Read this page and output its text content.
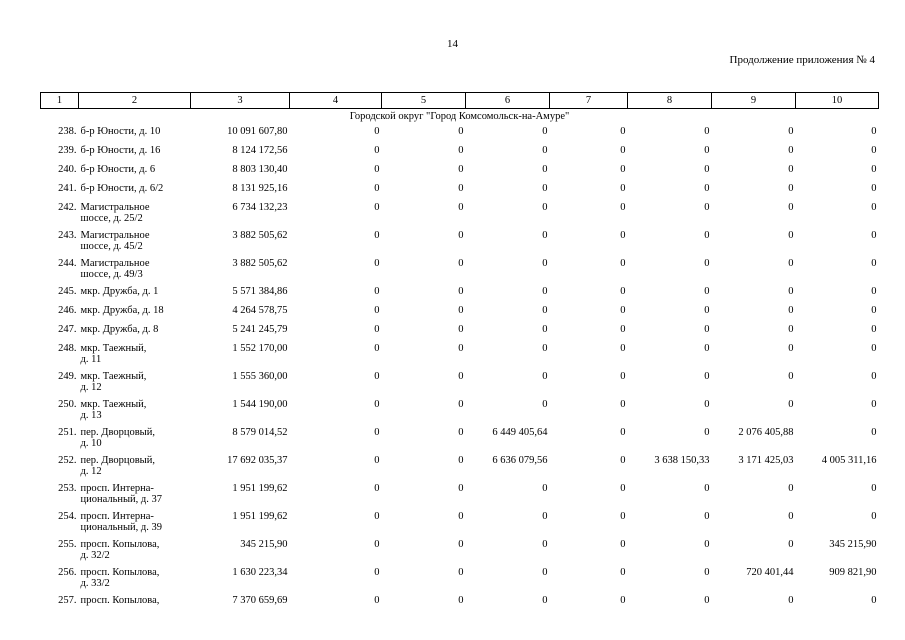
14
Продолжение приложения № 4
1	2	3	4	5	6	7	8	9	10
Городской округ "Город Комсомольск-на-Амуре"									
238.	б-р Юности, д. 10	10 091 607,80	0	0	0	0	0	0	0
239.	б-р Юности, д. 16	8 124 172,56	0	0	0	0	0	0	0
240.	б-р Юности, д. 6	8 803 130,40	0	0	0	0	0	0	0
241.	б-р Юности, д. 6/2	8 131 925,16	0	0	0	0	0	0	0
242.	Магистральное
шоссе, д. 25/2	6 734 132,23	0	0	0	0	0	0	0
243.	Магистральное
шоссе, д. 45/2	3 882 505,62	0	0	0	0	0	0	0
244.	Магистральное
шоссе, д. 49/3	3 882 505,62	0	0	0	0	0	0	0
245.	мкр. Дружба, д. 1	5 571 384,86	0	0	0	0	0	0	0
246.	мкр. Дружба, д. 18	4 264 578,75	0	0	0	0	0	0	0
247.	мкр. Дружба, д. 8	5 241 245,79	0	0	0	0	0	0	0
248.	мкр. Таежный,
д. 11	1 552 170,00	0	0	0	0	0	0	0
249.	мкр. Таежный,
д. 12	1 555 360,00	0	0	0	0	0	0	0
250.	мкр. Таежный,
д. 13	1 544 190,00	0	0	0	0	0	0	0
251.	пер. Дворцовый,
д. 10	8 579 014,52	0	0	6 449 405,64	0	0	2 076 405,88	0
252.	пер. Дворцовый,
д. 12	17 692 035,37	0	0	6 636 079,56	0	3 638 150,33	3 171 425,03	4 005 311,16
253.	просп. Интерна-
циональный, д. 37	1 951 199,62	0	0	0	0	0	0	0
254.	просп. Интерна-
циональный, д. 39	1 951 199,62	0	0	0	0	0	0	0
255.	просп. Копылова,
д. 32/2	345 215,90	0	0	0	0	0	0	345 215,90
256.	просп. Копылова,
д. 33/2	1 630 223,34	0	0	0	0	0	720 401,44	909 821,90
257.	просп. Копылова,	7 370 659,69	0	0	0	0	0	0	0
